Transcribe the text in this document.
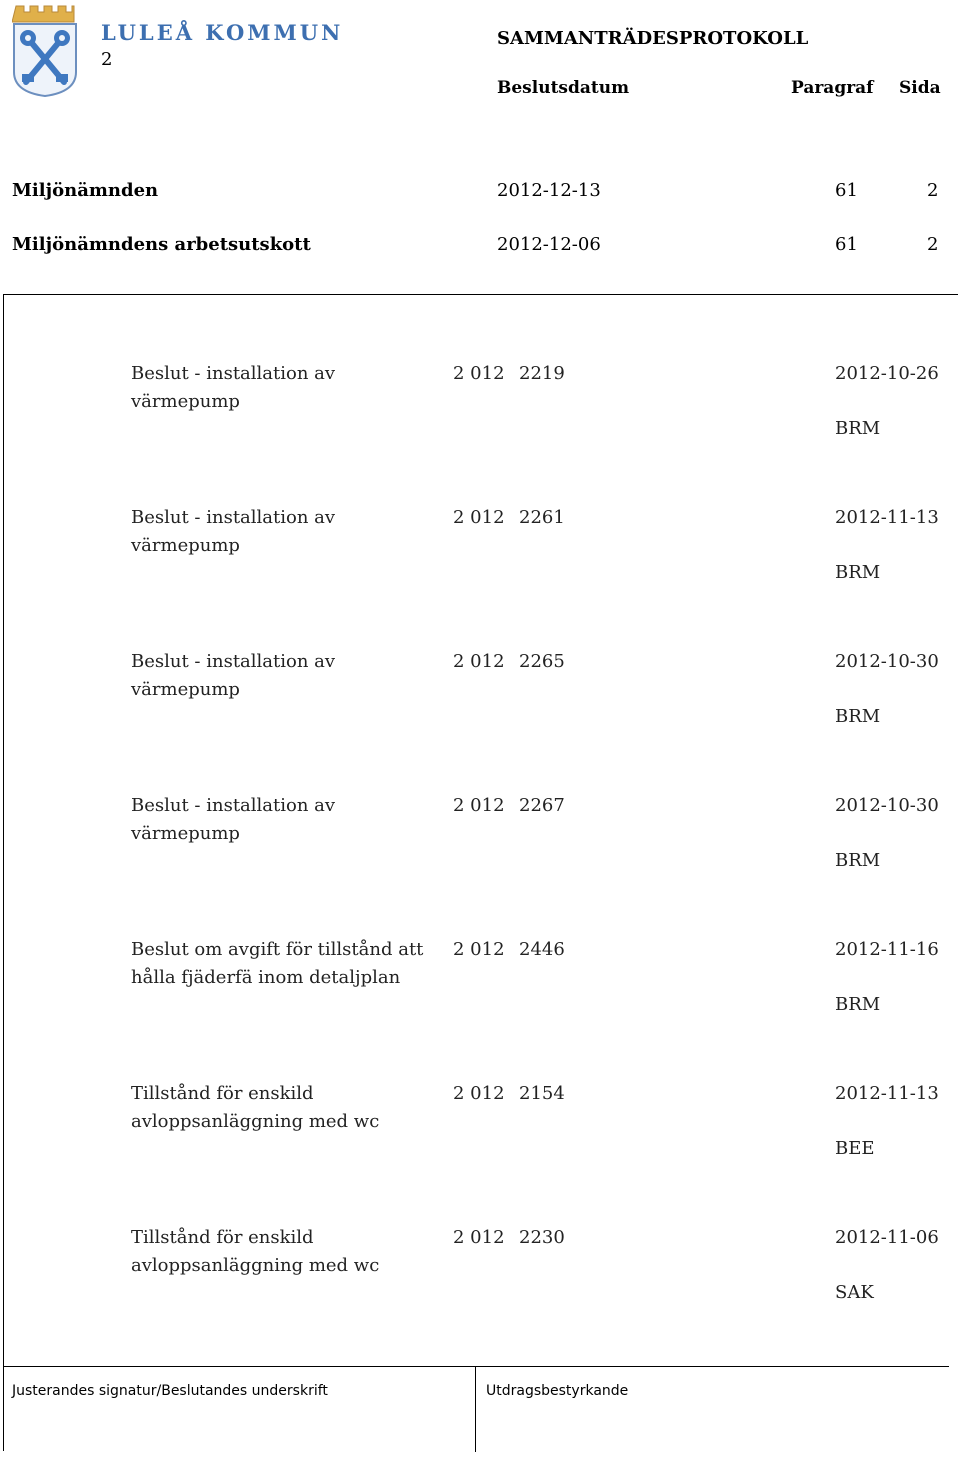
LULEÅ KOMMUN
2
SAMMANTRÄDESPROTOKOLL
Beslutsdatum	Paragraf Sida
Miljönämnden	2012-12-13	61	2
Miljönämndens arbetsutskott	2012-12-06	61	2
Beslut - installation av värmepump
2 012 2219	2012-10-26
BRM
Beslut - installation av värmepump
2 012 2261	2012-11-13
BRM
Beslut - installation av värmepump
2 012 2265	2012-10-30
BRM
Beslut - installation av värmepump
2 012 2267	2012-10-30
BRM
Beslut om avgift för tillstånd att hålla fjäderfä inom detaljplan
2 012 2446	2012-11-16
BRM
Tillstånd för enskild avloppsanläggning med wc
2 012 2154	2012-11-13
BEE
Tillstånd för enskild avloppsanläggning med wc
2 012 2230	2012-11-06
SAK
Justerandes signatur/Beslutandes underskrift	Utdragsbestyrkande
